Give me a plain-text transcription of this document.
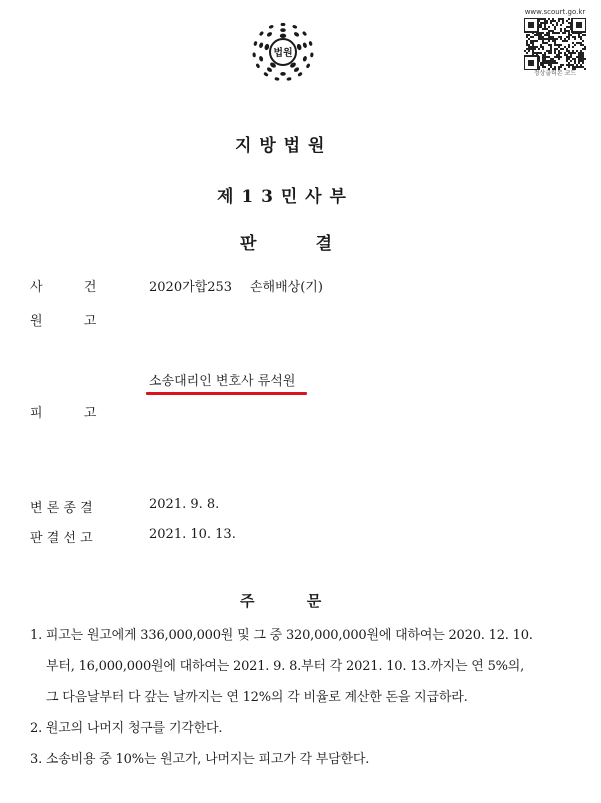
법원
www.scourt.go.kr
정상출력본 코드
지 방 법 원
제 1 3 민 사 부
판          결
사          건	2020가합253 손해배상(기)
원          고
소송대리인 변호사 류석원
피          고
변 론 종 결	2021. 9. 8.
판 결 선 고	2021. 10. 13.
주          문
1. 피고는 원고에게 336,000,000원 및 그 중 320,000,000원에 대하여는 2020. 12. 10.
부터, 16,000,000원에 대하여는 2021. 9. 8.부터 각 2021. 10. 13.까지는 연 5%의,
그 다음날부터 다 갚는 날까지는 연 12%의 각 비율로 계산한 돈을 지급하라.
2. 원고의 나머지 청구를 기각한다.
3. 소송비용 중 10%는 원고가, 나머지는 피고가 각 부담한다.
